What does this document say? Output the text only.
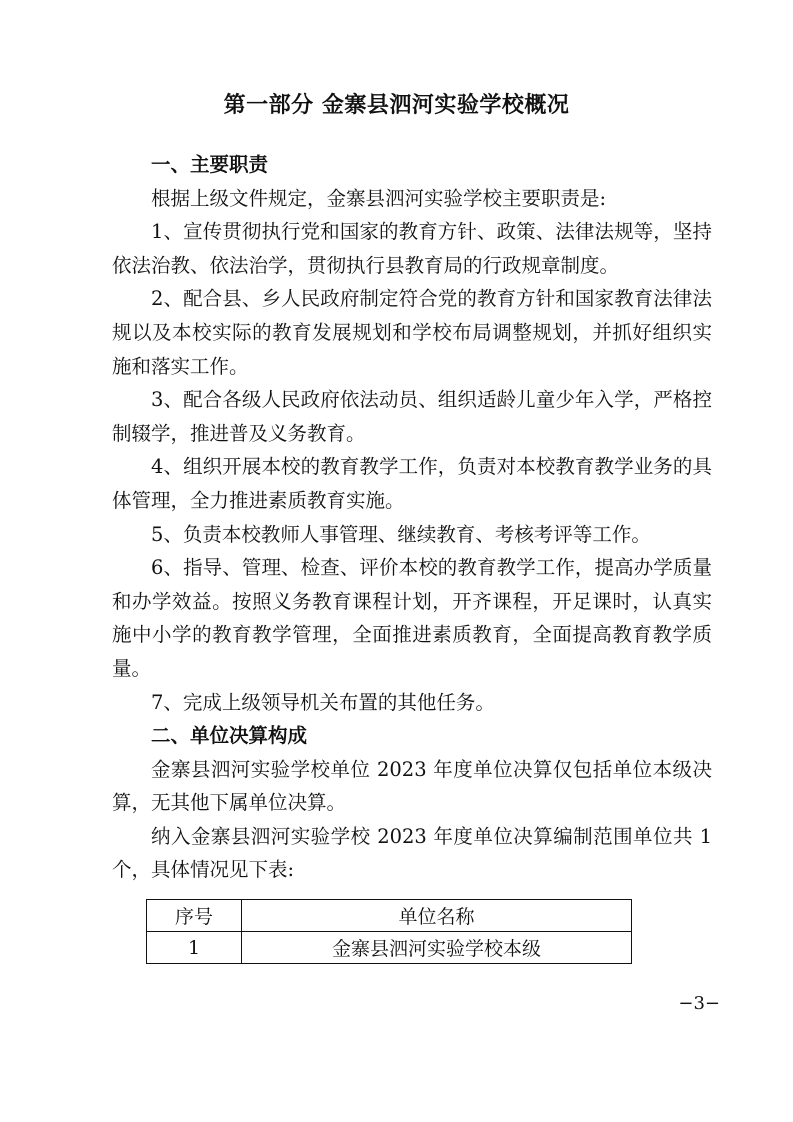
第一部分 金寨县泗河实验学校概况
一、主要职责

根据上级文件规定，金寨县泗河实验学校主要职责是:

1、宣传贯彻执行党和国家的教育方针、政策、法律法规等，坚持依法治教、依法治学，贯彻执行县教育局的行政规章制度。

2、配合县、乡人民政府制定符合党的教育方针和国家教育法律法规以及本校实际的教育发展规划和学校布局调整规划，并抓好组织实施和落实工作。

3、配合各级人民政府依法动员、组织适龄儿童少年入学，严格控制辍学，推进普及义务教育。

4、组织开展本校的教育教学工作，负责对本校教育教学业务的具体管理，全力推进素质教育实施。

5、负责本校教师人事管理、继续教育、考核考评等工作。

6、指导、管理、检查、评价本校的教育教学工作，提高办学质量和办学效益。按照义务教育课程计划，开齐课程，开足课时，认真实施中小学的教育教学管理，全面推进素质教育，全面提高教育教学质量。

7、完成上级领导机关布置的其他任务。

二、单位决算构成

金寨县泗河实验学校单位 2023 年度单位决算仅包括单位本级决算，无其他下属单位决算。

纳入金寨县泗河实验学校 2023 年度单位决算编制范围单位共 1 个，具体情况见下表:

序号	单位名称
1	金寨县泗河实验学校本级
−3−
